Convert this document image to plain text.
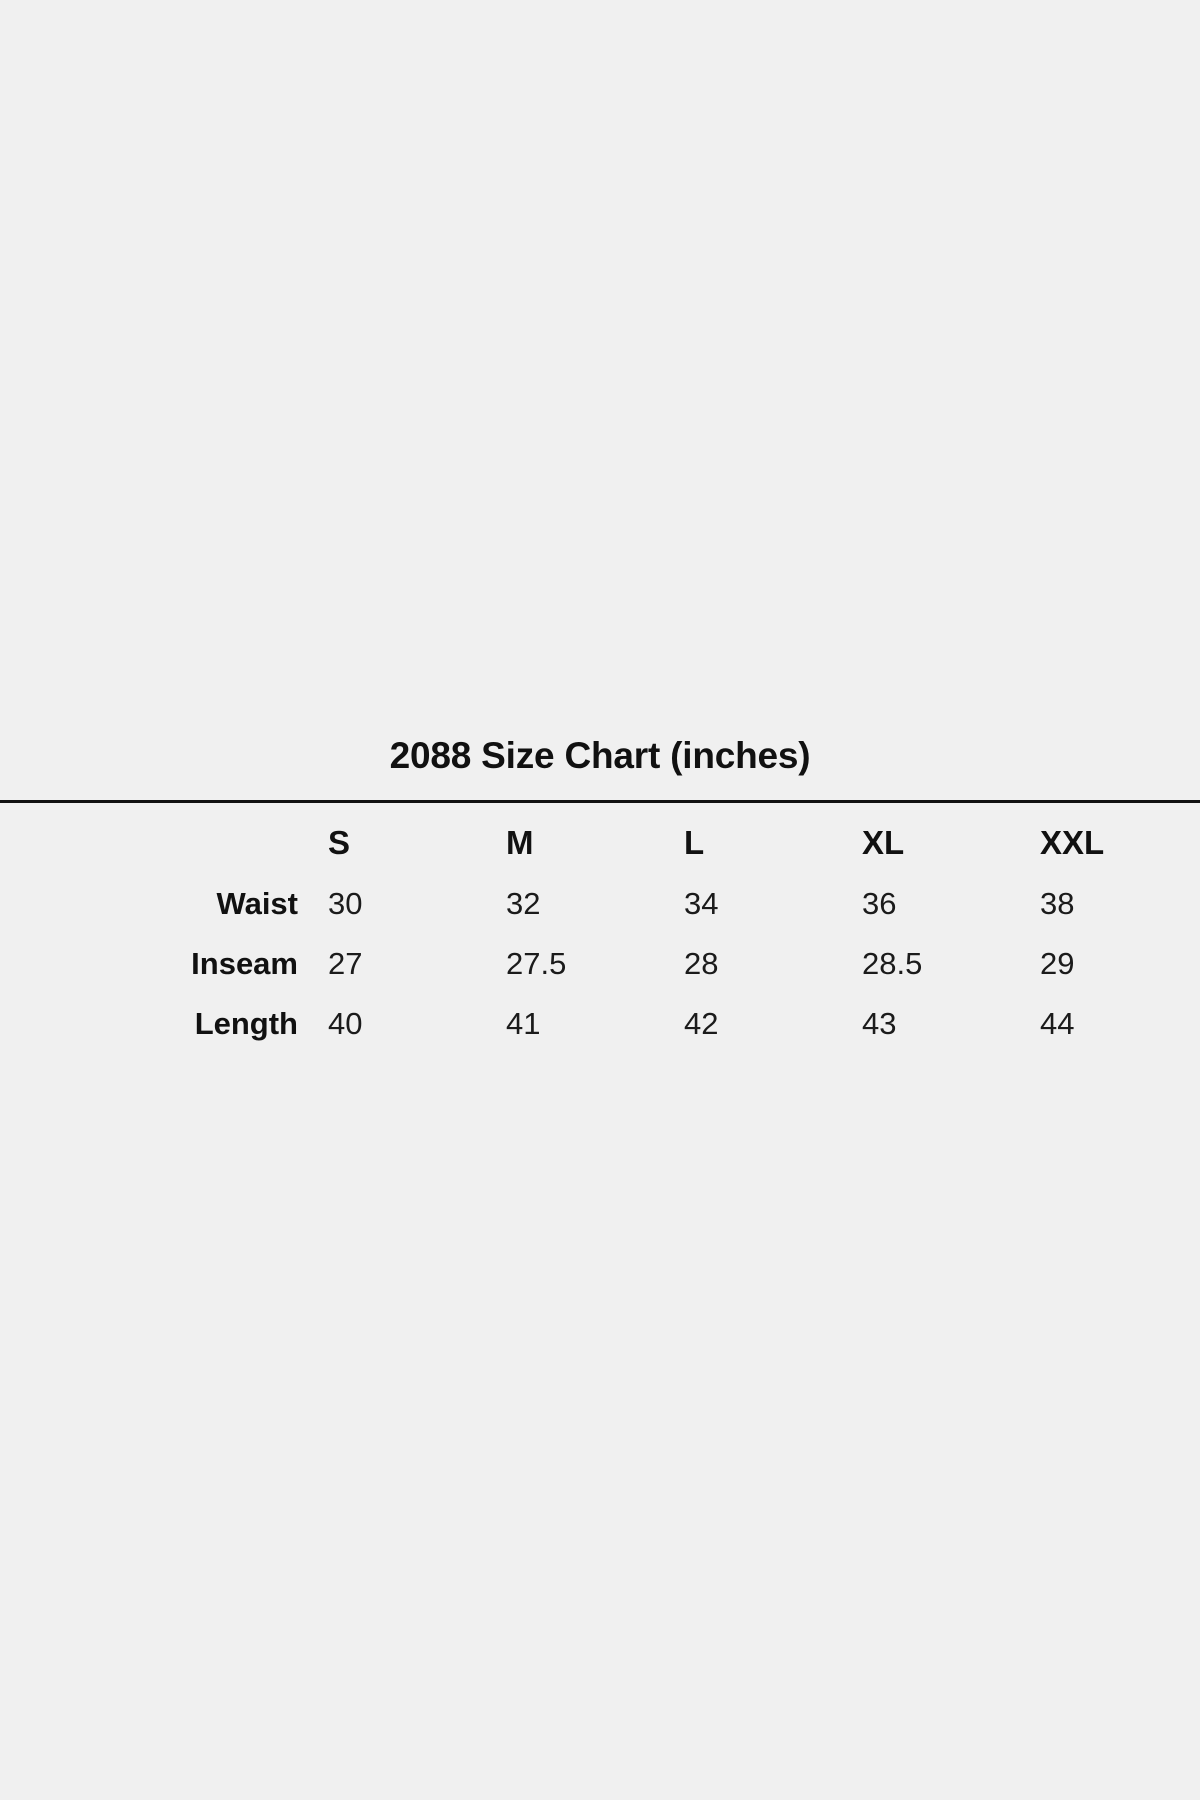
2088 Size Chart (inches)
	S	M	L	XL	XXL
Waist	30	32	34	36	38
Inseam	27	27.5	28	28.5	29
Length	40	41	42	43	44
